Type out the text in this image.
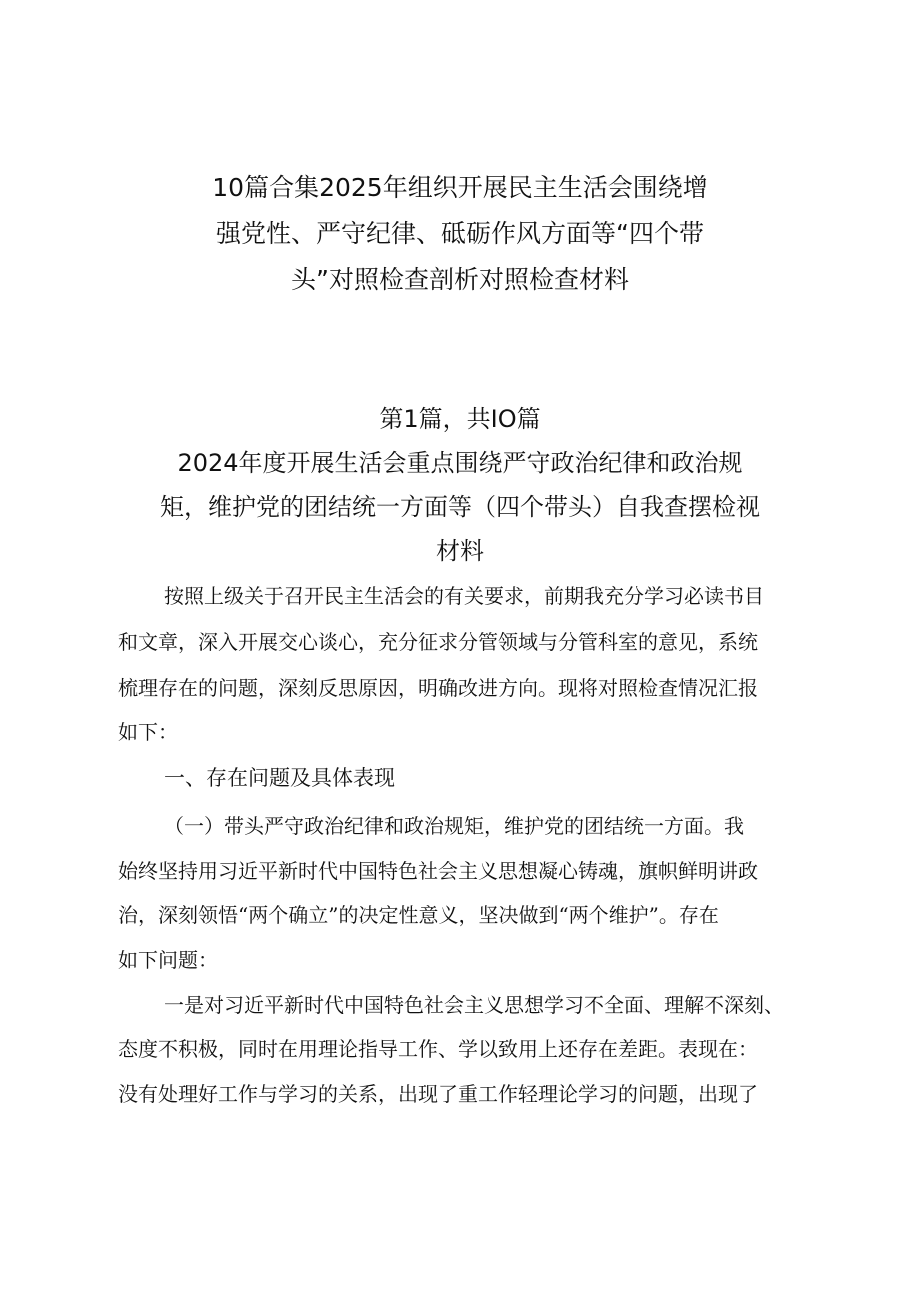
10篇合集2025年组织开展民主生活会围绕增
强党性、严守纪律、砥砺作风方面等“四个带
头”对照检查剖析对照检查材料
第1篇，共IO篇
2024年度开展生活会重点围绕严守政治纪律和政治规
矩，维护党的团结统一方面等（四个带头）自我查摆检视
材料
按照上级关于召开民主生活会的有关要求，前期我充分学习必读书目
和文章，深入开展交心谈心，充分征求分管领域与分管科室的意见，系统
梳理存在的问题，深刻反思原因，明确改进方向。现将对照检查情况汇报
如下：
一、存在问题及具体表现
（一）带头严守政治纪律和政治规矩，维护党的团结统一方面。我
始终坚持用习近平新时代中国特色社会主义思想凝心铸魂，旗帜鲜明讲政
治，深刻领悟“两个确立”的决定性意义，坚决做到“两个维护”。存在
如下问题：
一是对习近平新时代中国特色社会主义思想学习不全面、理解不深刻、
态度不积极，同时在用理论指导工作、学以致用上还存在差距。表现在：
没有处理好工作与学习的关系，出现了重工作轻理论学习的问题，出现了
